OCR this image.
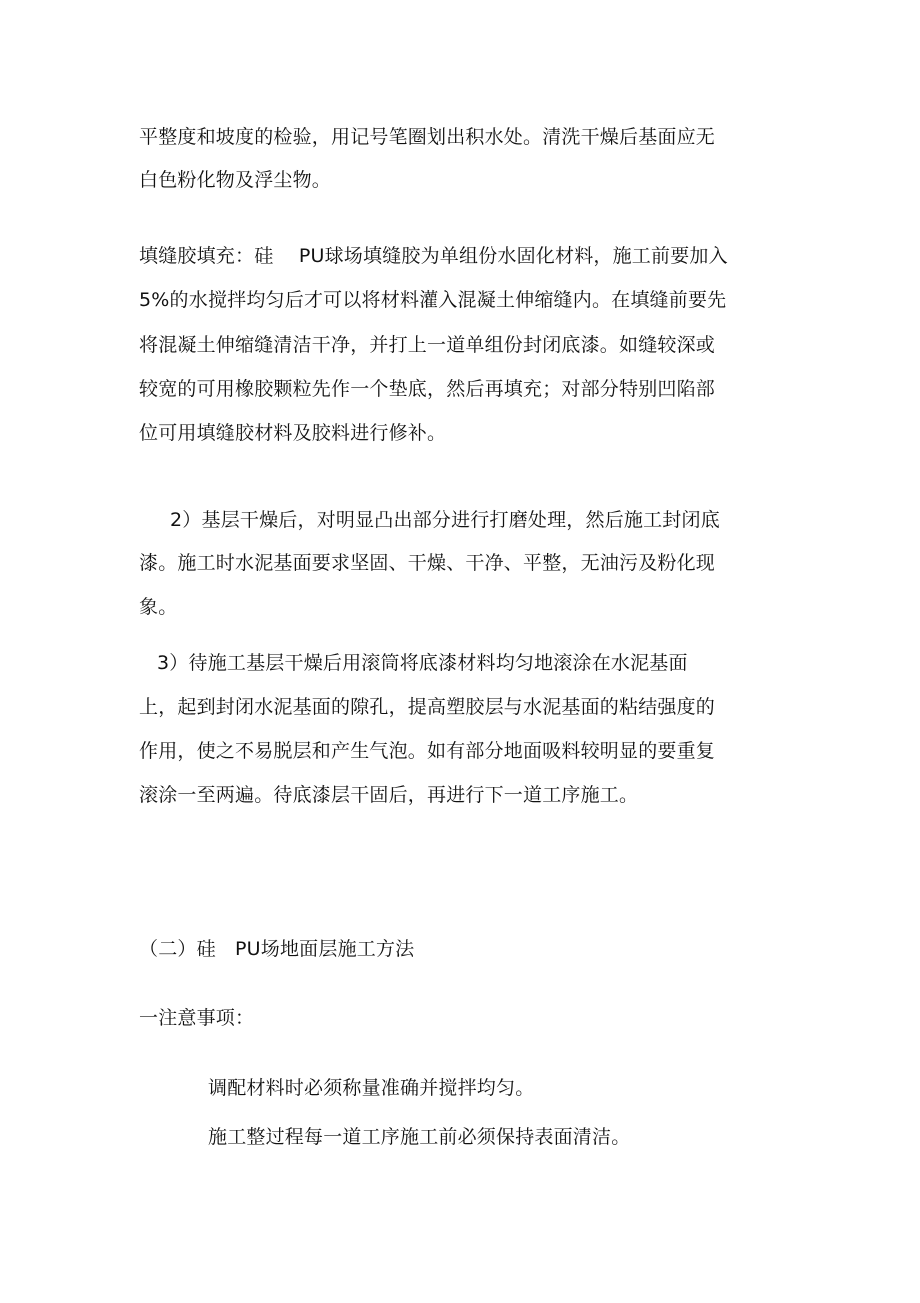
平整度和坡度的检验，用记号笔圈划出积水处。清洗干燥后基面应无
白色粉化物及浮尘物。
填缝胶填充：硅　 PU球场填缝胶为单组份水固化材料，施工前要加入
5%的水搅拌均匀后才可以将材料灌入混凝土伸缩缝内。在填缝前要先
将混凝土伸缩缝清洁干净，并打上一道单组份封闭底漆。如缝较深或
较宽的可用橡胶颗粒先作一个垫底，然后再填充；对部分特别凹陷部
位可用填缝胶材料及胶料进行修补。
2）基层干燥后，对明显凸出部分进行打磨处理，然后施工封闭底
漆。施工时水泥基面要求坚固、干燥、干净、平整，无油污及粉化现
象。
3）待施工基层干燥后用滚筒将底漆材料均匀地滚涂在水泥基面
上，起到封闭水泥基面的隙孔，提高塑胶层与水泥基面的粘结强度的
作用，使之不易脱层和产生气泡。如有部分地面吸料较明显的要重复
滚涂一至两遍。待底漆层干固后，再进行下一道工序施工。
（二）硅　PU场地面层施工方法
一注意事项：
调配材料时必须称量准确并搅拌均匀。
施工整过程每一道工序施工前必须保持表面清洁。
